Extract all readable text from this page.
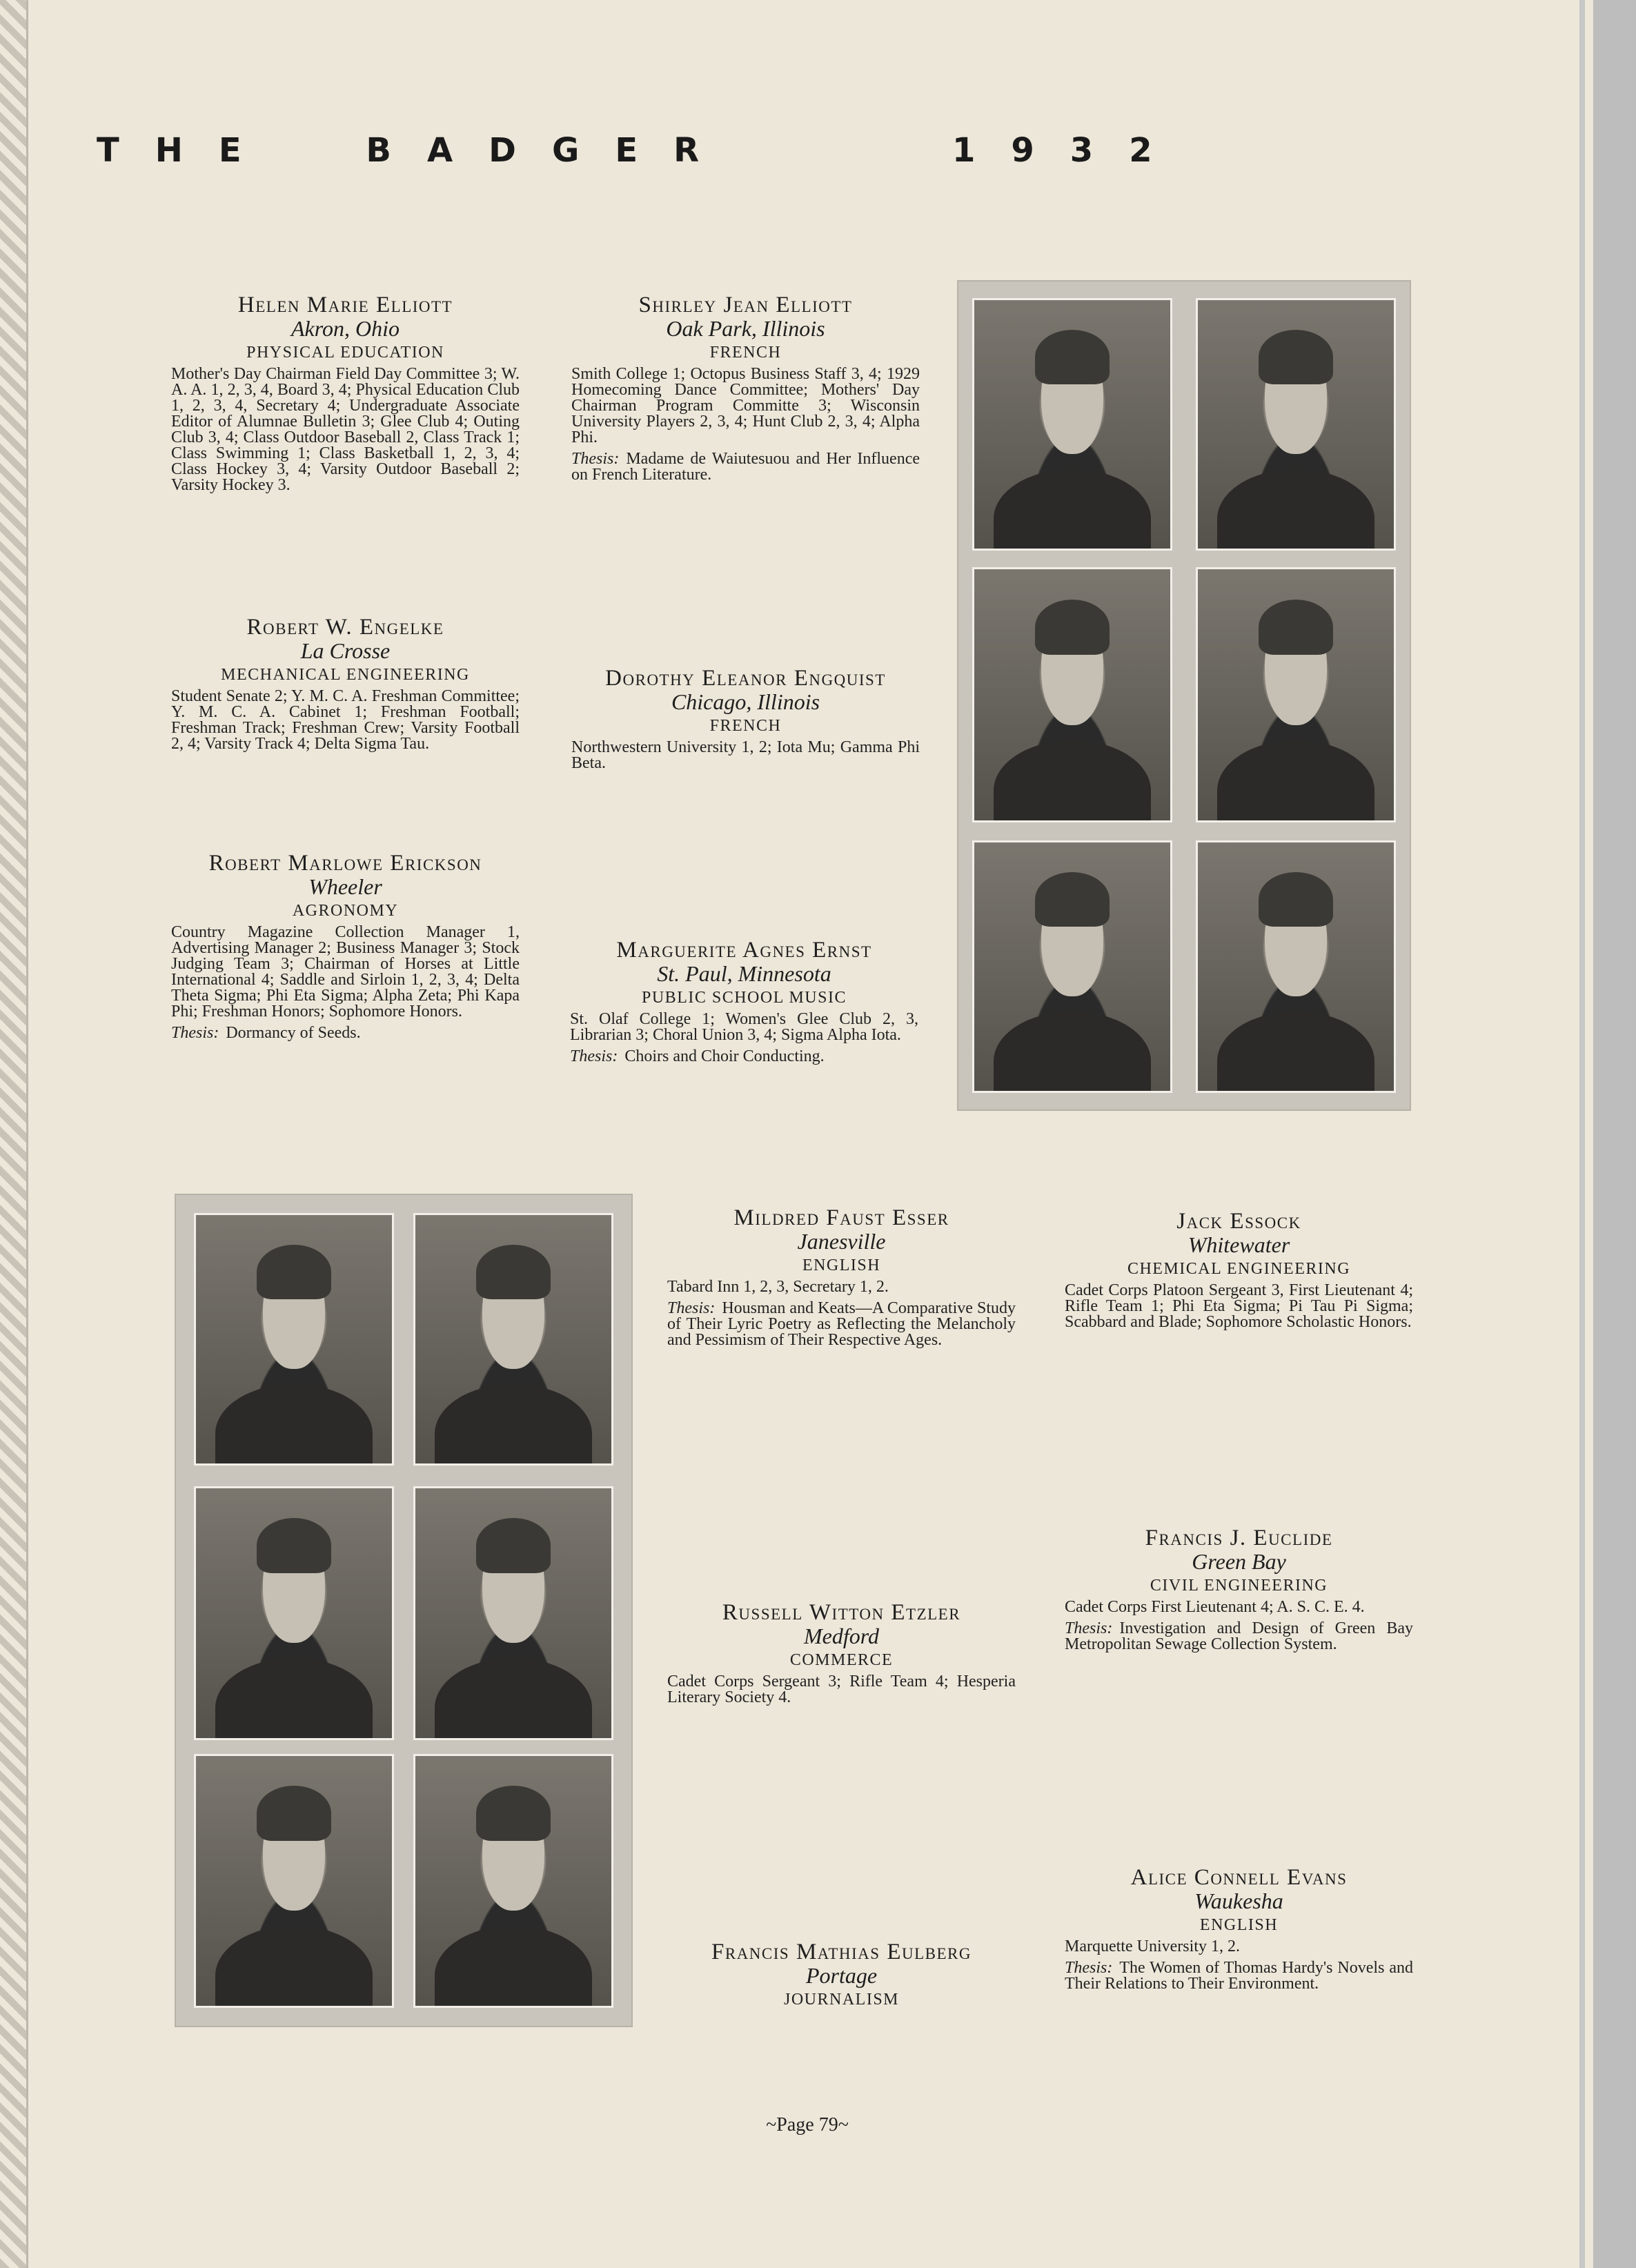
THE BADGER	1932
Helen Marie Elliott
Akron, Ohio
PHYSICAL EDUCATION

Mother's Day Chairman Field Day Committee 3; W. A. A. 1, 2, 3, 4, Board 3, 4; Physical Education Club 1, 2, 3, 4, Secretary 4; Undergraduate Associate Editor of Alumnae Bulletin 3; Glee Club 4; Outing Club 3, 4; Class Outdoor Baseball 2, Class Track 1; Class Swimming 1; Class Basketball 1, 2, 3, 4; Class Hockey 3, 4; Varsity Outdoor Baseball 2; Varsity Hockey 3.

Shirley Jean Elliott
Oak Park, Illinois
FRENCH

Smith College 1; Octopus Business Staff 3, 4; 1929 Homecoming Dance Committee; Mothers' Day Chairman Program Committe 3; Wisconsin University Players 2, 3, 4; Hunt Club 2, 3, 4; Alpha Phi.

Thesis: Madame de Waiutesuou and Her Influence on French Literature.

Robert W. Engelke
La Crosse
MECHANICAL ENGINEERING

Student Senate 2; Y. M. C. A. Freshman Committee; Y. M. C. A. Cabinet 1; Freshman Football; Freshman Track; Freshman Crew; Varsity Football 2, 4; Varsity Track 4; Delta Sigma Tau.

Dorothy Eleanor Engquist
Chicago, Illinois
FRENCH

Northwestern University 1, 2; Iota Mu; Gamma Phi Beta.

Robert Marlowe Erickson
Wheeler
AGRONOMY

Country Magazine Collection Manager 1, Advertising Manager 2; Business Manager 3; Stock Judging Team 3; Chairman of Horses at Little International 4; Saddle and Sirloin 1, 2, 3, 4; Delta Theta Sigma; Phi Eta Sigma; Alpha Zeta; Phi Kapa Phi; Freshman Honors; Sophomore Honors.

Thesis: Dormancy of Seeds.

Marguerite Agnes Ernst
St. Paul, Minnesota
PUBLIC SCHOOL MUSIC

St. Olaf College 1; Women's Glee Club 2, 3, Librarian 3; Choral Union 3, 4; Sigma Alpha Iota.

Thesis: Choirs and Choir Conducting.

Mildred Faust Esser
Janesville
ENGLISH

Tabard Inn 1, 2, 3, Secretary 1, 2.

Thesis: Housman and Keats—A Comparative Study of Their Lyric Poetry as Reflecting the Melancholy and Pessimism of Their Respective Ages.

Jack Essock
Whitewater
CHEMICAL ENGINEERING

Cadet Corps Platoon Sergeant 3, First Lieutenant 4; Rifle Team 1; Phi Eta Sigma; Pi Tau Pi Sigma; Scabbard and Blade; Sophomore Scholastic Honors.

Francis J. Euclide
Green Bay
CIVIL ENGINEERING

Cadet Corps First Lieutenant 4; A. S. C. E. 4.

Thesis: Investigation and Design of Green Bay Metropolitan Sewage Collection System.

Russell Witton Etzler
Medford
COMMERCE

Cadet Corps Sergeant 3; Rifle Team 4; Hesperia Literary Society 4.

Alice Connell Evans
Waukesha
ENGLISH

Marquette University 1, 2.

Thesis: The Women of Thomas Hardy's Novels and Their Relations to Their Environment.

Francis Mathias Eulberg
Portage
JOURNALISM
~Page 79~
